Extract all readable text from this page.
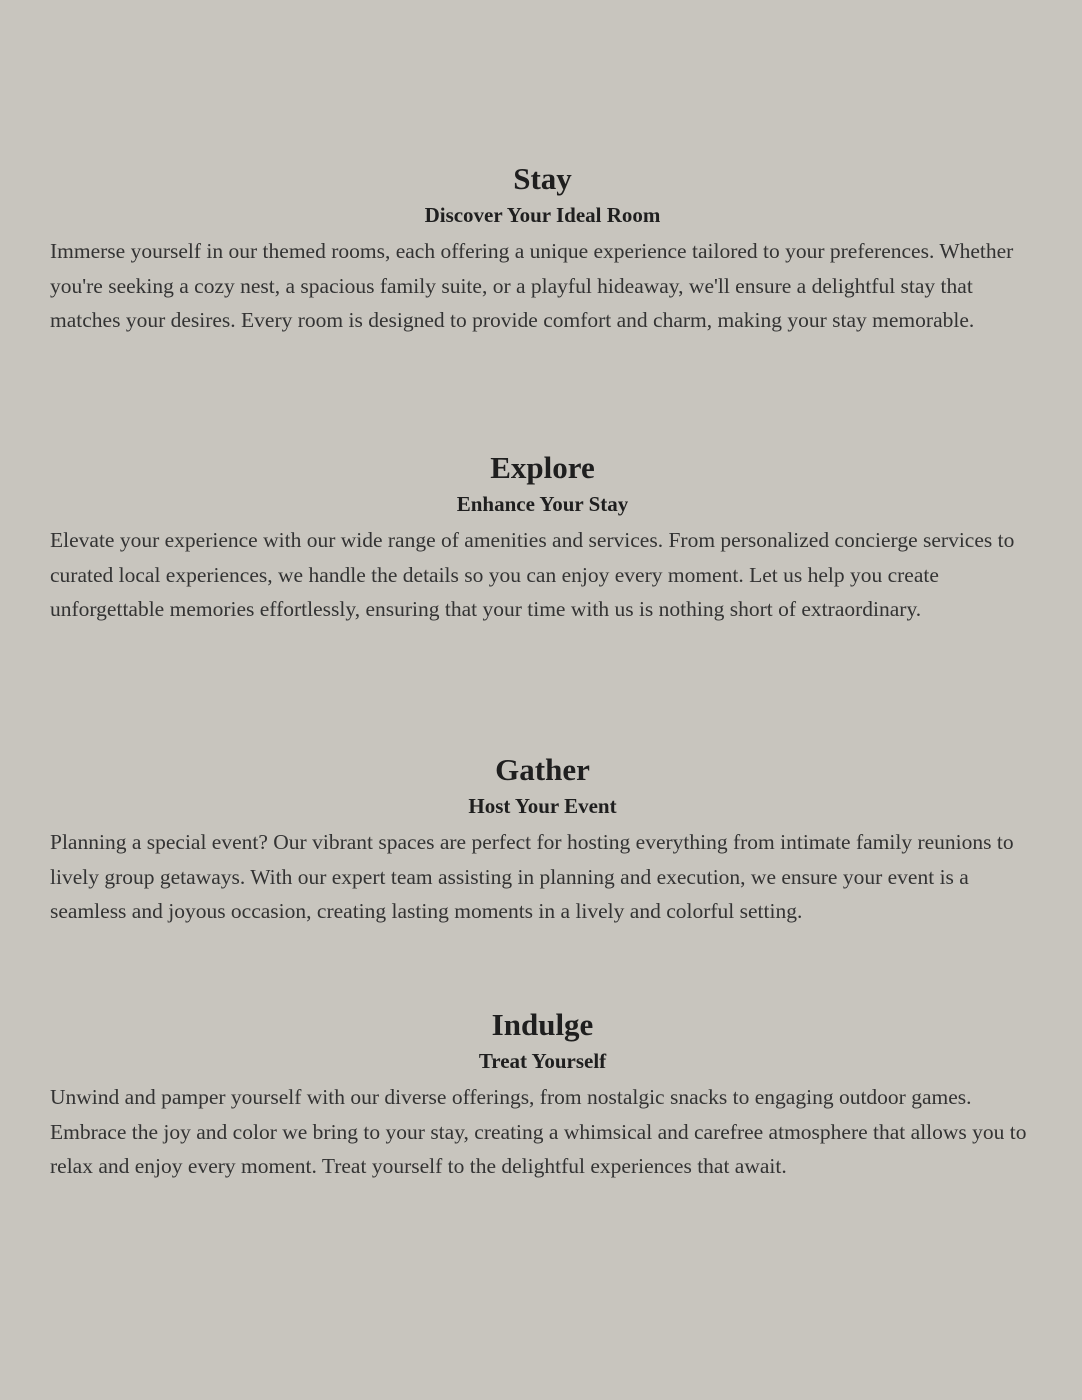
Stay
Discover Your Ideal Room

Immerse yourself in our themed rooms, each offering a unique experience tailored to your preferences. Whether you're seeking a cozy nest, a spacious family suite, or a playful hideaway, we'll ensure a delightful stay that matches your desires. Every room is designed to provide comfort and charm, making your stay memorable.

Explore
Enhance Your Stay

Elevate your experience with our wide range of amenities and services. From personalized concierge services to curated local experiences, we handle the details so you can enjoy every moment. Let us help you create unforgettable memories effortlessly, ensuring that your time with us is nothing short of extraordinary.

Gather
Host Your Event

Planning a special event? Our vibrant spaces are perfect for hosting everything from intimate family reunions to lively group getaways. With our expert team assisting in planning and execution, we ensure your event is a seamless and joyous occasion, creating lasting moments in a lively and colorful setting.

Indulge
Treat Yourself

Unwind and pamper yourself with our diverse offerings, from nostalgic snacks to engaging outdoor games. Embrace the joy and color we bring to your stay, creating a whimsical and carefree atmosphere that allows you to relax and enjoy every moment. Treat yourself to the delightful experiences that await.
